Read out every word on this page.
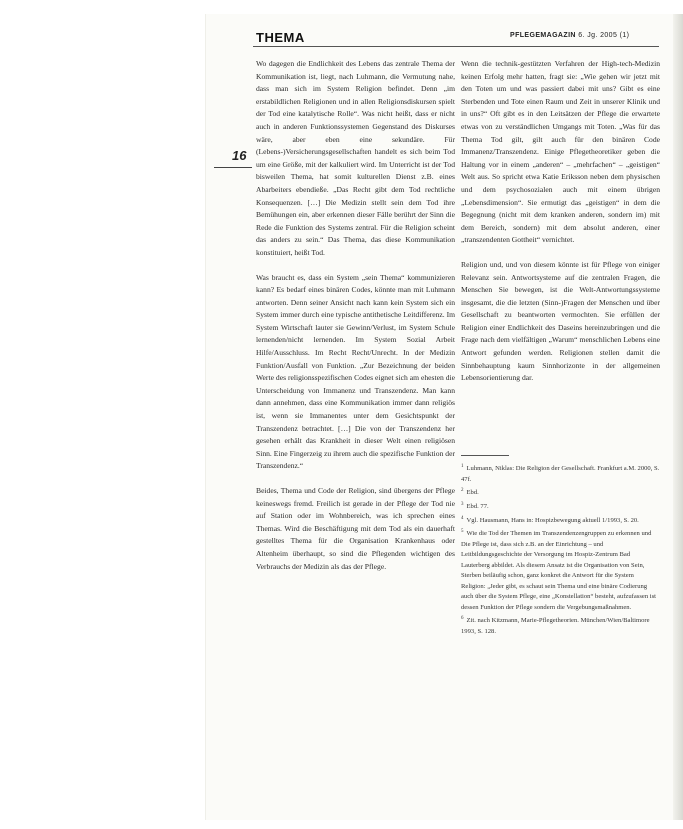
THEMA	PFLEGEMAGAZIN 6. Jg. 2005 (1)
16

Wo dagegen die Endlichkeit des Lebens das zentrale Thema der Kommunikation ist, liegt, nach Luhmann, die Vermutung nahe, dass man sich im System Religion befindet. Denn „im erstabildlichen Religionen und in allen Religionsdiskursen spielt der Tod eine katalytische Rolle“. Was nicht heißt, dass er nicht auch in anderen Funktionssystemen Gegenstand des Diskurses wäre, aber eben eine sekundäre. Für (Lebens-)Versicherungsgesellschaften handelt es sich beim Tod um eine Größe, mit der kalkuliert wird. Im Unterricht ist der Tod bisweilen Thema, hat somit kulturellen Dienst z.B. eines Abarbeiters ebendieße. „Das Recht gibt dem Tod rechtliche Konsequenzen. […] Die Medizin stellt sein dem Tod ihre Bemühungen ein, aber erkennen dieser Fälle berührt der Sinn die Rede die Funktion des Systems zentral. Für die Religion scheint das anders zu sein.“ Das Thema, das diese Kommunikation konstituiert, heißt Tod.

Was braucht es, dass ein System „sein Thema“ kommunizieren kann? Es bedarf eines binären Codes, könnte man mit Luhmann antworten. Denn seiner Ansicht nach kann kein System sich ein System immer durch eine typische antithetische Leitdifferenz. Im System Wirtschaft lauter sie Gewinn/Verlust, im System Schule lernenden/nicht lernenden. Im System Sozial Arbeit Hilfe/Ausschluss. Im Recht Recht/Unrecht. In der Medizin Funktion/Ausfall von Funktion. „Zur Bezeichnung der beiden Werte des religionsspezifischen Codes eignet sich am ehesten die Unterscheidung von Immanenz und Transzendenz. Man kann dann annehmen, dass eine Kommunikation immer dann religiös ist, wenn sie Immanentes unter dem Gesichtspunkt der Transzendenz betrachtet. […] Die von der Transzendenz her gesehen erhält das Krankheit in dieser Welt einen religiösen Sinn. Eine Fingerzeig zu ihrem auch die spezifische Funktion der Transzendenz.“

Beides, Thema und Code der Religion, sind übergens der Pflege keineswegs fremd. Freilich ist gerade in der Pflege der Tod nie auf Station oder im Wohnbereich, was ich sprechen eines Themas. Wird die Beschäftigung mit dem Tod als ein dauerhaft gestelltes Thema für die Organisation Krankenhaus oder Altenheim überhaupt, so sind die Pflegenden wichtigen des Verbrauchs der Medizin als das der Pflege.

Wenn die technik-gestützten Verfahren der High-tech-Medizin keinen Erfolg mehr hatten, fragt sie: „Wie gehen wir jetzt mit den Toten um und was passiert dabei mit uns? Gibt es eine Sterbenden und Tote einen Raum und Zeit in unserer Klinik und in uns?“ Oft gibt es in den Leitsätzen der Pflege die erwartete etwas von zu verständlichen Umgangs mit Toten. „Was für das Thema Tod gilt, gilt auch für den binären Code Immanenz/Transzendenz. Einige Pflegetheoretiker geben die Haltung vor in einem „anderen“ – „mehrfachen“ – „geistigen“ Welt aus. So spricht etwa Katie Eriksson neben dem physischen und dem psychosozialen auch mit einem übrigen „Lebensdimension“. Sie ermutigt das „geistigen“ in dem die Begegnung (nicht mit dem kranken anderen, sondern im) mit dem Bereich, sondern) mit dem absolut anderen, einer „transzendenten Gottheit“ vernichtet.

Religion und, und von diesem könnte ist für Pflege von einiger Relevanz sein. Antwortsysteme auf die zentralen Fragen, die Menschen Sie bewegen, ist die Welt-Antwortungssysteme insgesamt, die die letzten (Sinn-)Fragen der Menschen und über Gesellschaft zu beantworten vermochten. Sie erfüllen der Religion einer Endlichkeit des Daseins hereinzubringen und die Frage nach dem vielfältigen „Warum“ menschlichen Lebens eine Antwort gefunden werden. Religionen stellen damit die Sinnbehauptung kaum Sinnhorizonte in der allgemeinen Lebensorientierung dar.

$^1$ Luhmann, Niklas: Die Religion der Gesellschaft. Frankfurt a.M. 2000, S. 47f.
$^2$ Ebd.
$^3$ Ebd. 77.
$^4$ Vgl. Hausmann, Hans in: Hospizbewegung aktuell 1/1993, S. 20.
$^5$ Wie die Tod der Themen im Transzendenzengruppen zu erkennen und Die Pflege ist, dass sich z.B. an der Einrichtung – und Leitbildungsgeschichte der Versorgung im Hospiz-Zentrum Bad Lauterberg abbildet. Als diesem Ansatz ist die Organisation von Sein, Sterben beiläufig schon, ganz konkret die Antwort für die System Religion: „Jeder gibt, es schaut sein Thema und eine binäre Codierung auch über die System Pflege, eine „Konstellation“ besteht, aufzufassen ist dessen Funktion der Pflege sondern die Vergebungsmaßnahmen.
$^6$ Zit. nach Kitzmann, Marie-Pflegetheorien. München/Wien/Baltimore 1993, S. 128.
